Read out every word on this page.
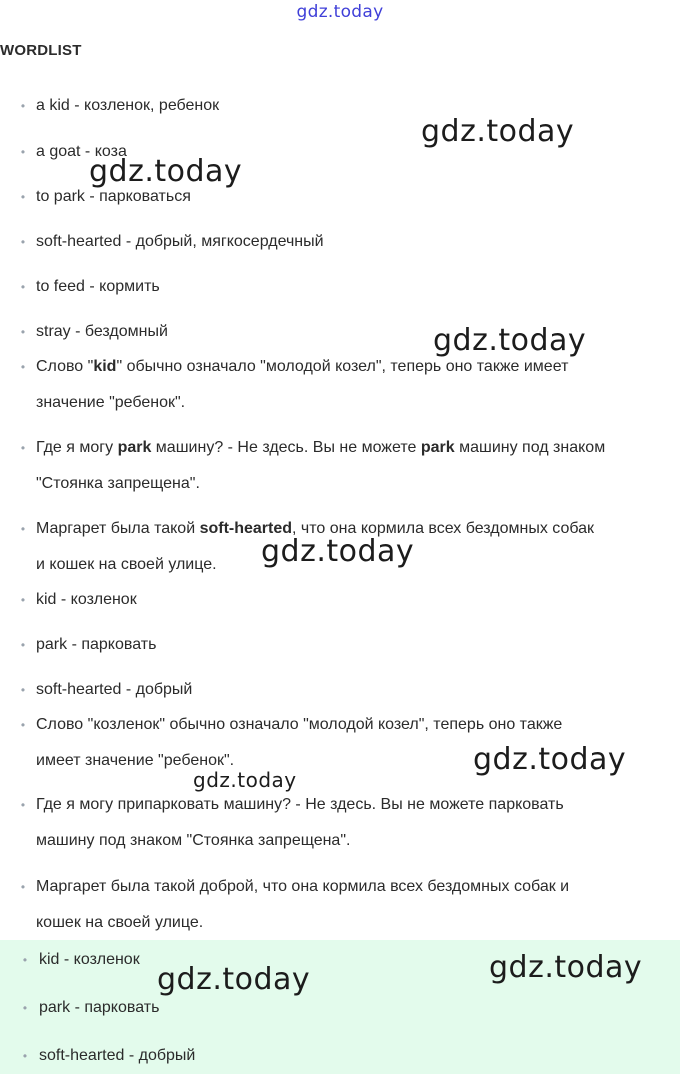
gdz.today
WORDLIST
• a kid - козленок, ребенок
• a goat - коза
• to park - парковаться
• soft-hearted - добрый, мягкосердечный
• to feed - кормить
• stray - бездомный
• Слово "kid" обычно означало "молодой козел", теперь оно также имеет
значение "ребенок".
• Где я могу park машину? - Не здесь. Вы не можете park машину под знаком
"Стоянка запрещена".
• Маргарет была такой soft-hearted, что она кормила всех бездомных собак
и кошек на своей улице.
• kid - козленок
• park - парковать
• soft-hearted - добрый
• Слово "козленок" обычно означало "молодой козел", теперь оно также
имеет значение "ребенок".
• Где я могу припарковать машину? - Не здесь. Вы не можете парковать
машину под знаком "Стоянка запрещена".
• Маргарет была такой доброй, что она кормила всех бездомных собак и
кошек на своей улице.
• kid - козленок
• park - парковать
• soft-hearted - добрый
gdz.today
gdz.today
gdz.today
gdz.today
gdz.today
gdz.today
gdz.today
gdz.today
